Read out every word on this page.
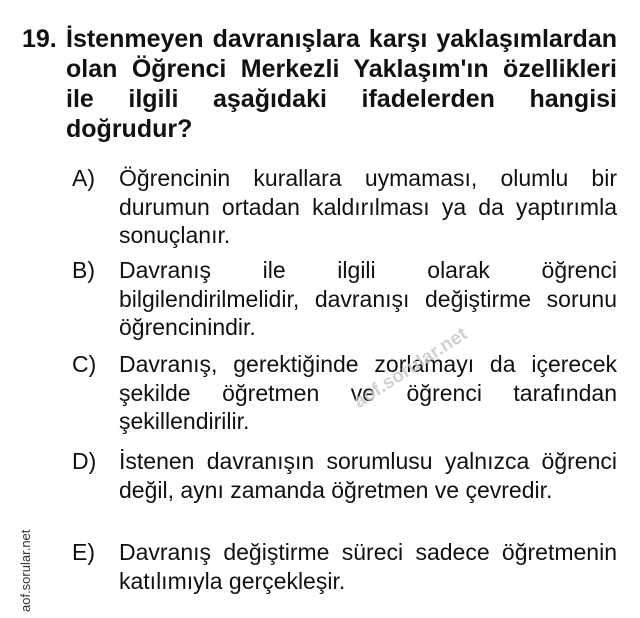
19. İstenmeyen davranışlara karşı yaklaşımlardan olan Öğrenci Merkezli Yaklaşım'ın özellikleri ile ilgili aşağıdaki ifadelerden hangisi doğrudur?
A) Öğrencinin kurallara uymaması, olumlu bir durumun ortadan kaldırılması ya da yaptırımla sonuçlanır.
B) Davranış ile ilgili olarak öğrenci bilgilendirilmelidir, davranışı değiştirme sorunu öğrencinindir.
C) Davranış, gerektiğinde zorlamayı da içerecek şekilde öğretmen ve öğrenci tarafından şekillendirilir.
D) İstenen davranışın sorumlusu yalnızca öğrenci değil, aynı zamanda öğretmen ve çevredir.
E) Davranış değiştirme süreci sadece öğretmenin katılımıyla gerçekleşir.
aof.sorular.net
aof.sorular.net
